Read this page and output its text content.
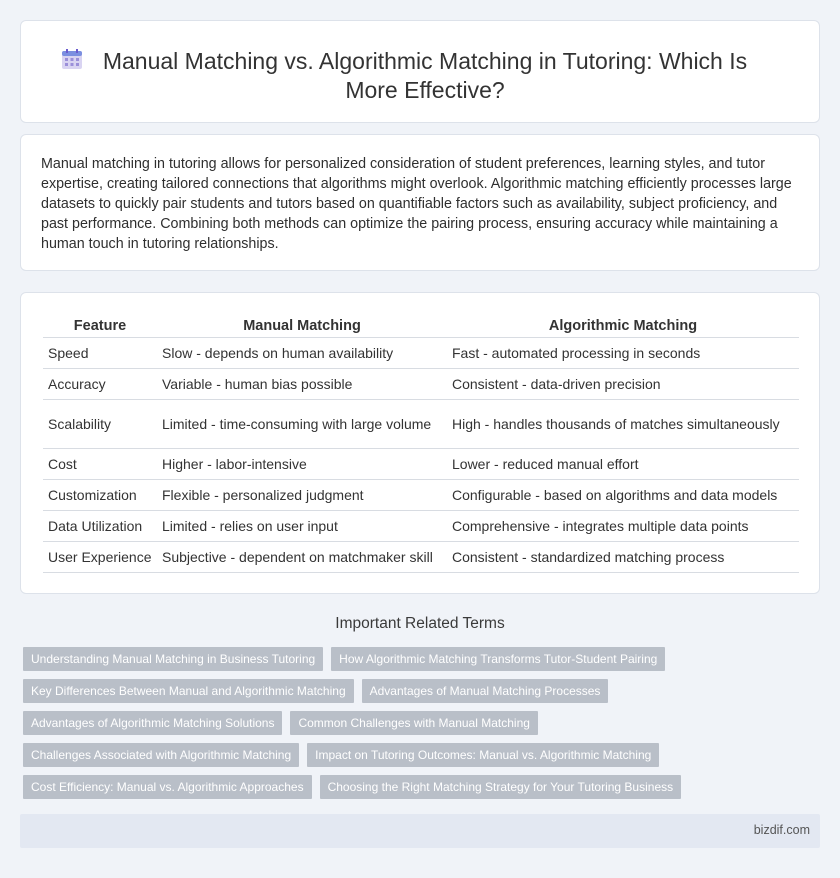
Manual Matching vs. Algorithmic Matching in Tutoring: Which Is More Effective?

Manual matching in tutoring allows for personalized consideration of student preferences, learning styles, and tutor expertise, creating tailored connections that algorithms might overlook. Algorithmic matching efficiently processes large datasets to quickly pair students and tutors based on quantifiable factors such as availability, subject proficiency, and past performance. Combining both methods can optimize the pairing process, ensuring accuracy while maintaining a human touch in tutoring relationships.

Feature	Manual Matching	Algorithmic Matching
Speed	Slow - depends on human availability	Fast - automated processing in seconds
Accuracy	Variable - human bias possible	Consistent - data-driven precision
Scalability	Limited - time-consuming with large volume	High - handles thousands of matches simultaneously
Cost	Higher - labor-intensive	Lower - reduced manual effort
Customization	Flexible - personalized judgment	Configurable - based on algorithms and data models
Data Utilization	Limited - relies on user input	Comprehensive - integrates multiple data points
User Experience	Subjective - dependent on matchmaker skill	Consistent - standardized matching process
Important Related Terms
Understanding Manual Matching in Business Tutoring	How Algorithmic Matching Transforms Tutor-Student Pairing
Key Differences Between Manual and Algorithmic Matching	Advantages of Manual Matching Processes
Advantages of Algorithmic Matching Solutions	Common Challenges with Manual Matching
Challenges Associated with Algorithmic Matching	Impact on Tutoring Outcomes: Manual vs. Algorithmic Matching
Cost Efficiency: Manual vs. Algorithmic Approaches	Choosing the Right Matching Strategy for Your Tutoring Business
bizdif.com
